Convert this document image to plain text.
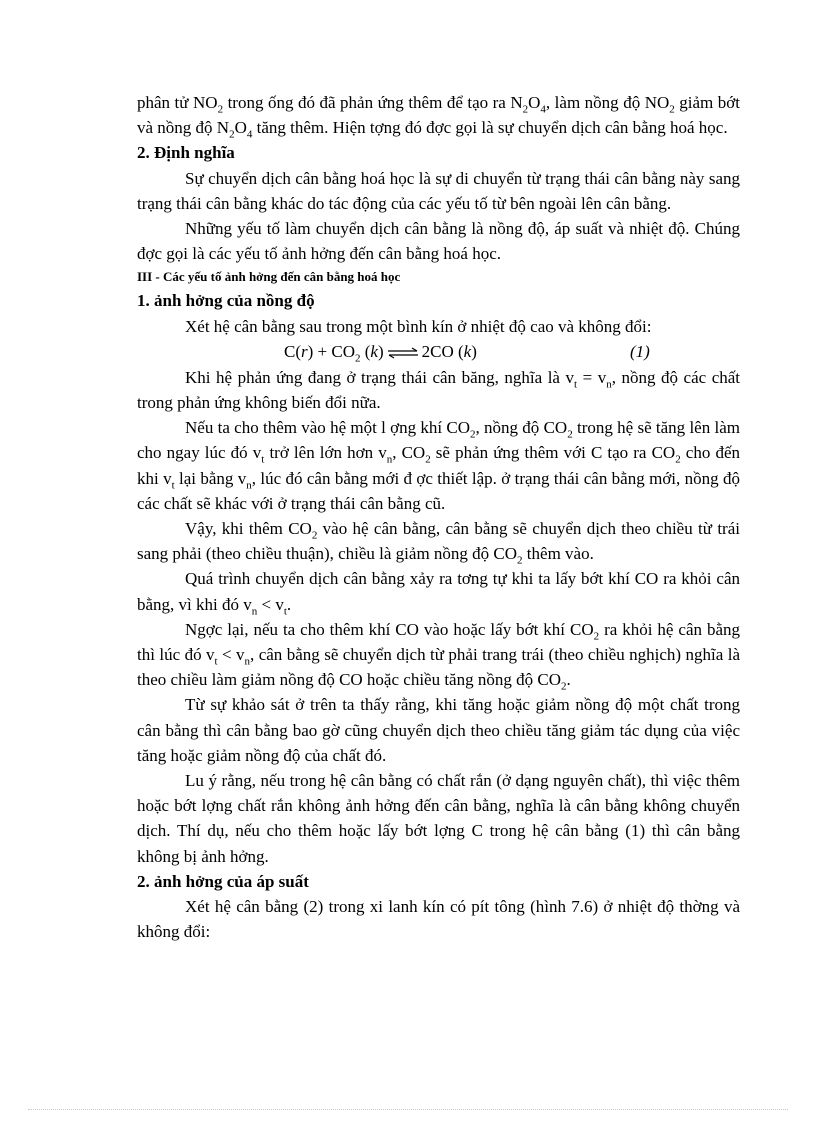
phân tử $NO_2$ trong ống đó đã phản ứng thêm để tạo ra $N_2O_4$, làm nồng độ $NO_2$ giảm bớt và nồng độ $N_2O_4$ tăng thêm. Hiện tợng đó đợc gọi là sự chuyển dịch cân bằng hoá học.

2. Định nghĩa

Sự chuyển dịch cân bằng hoá học là sự di chuyển từ trạng thái cân bằng này sang trạng thái cân bằng khác do tác động của các yếu tố từ bên ngoài lên cân bằng.

Những yếu tố làm chuyển dịch cân bằng là nồng độ, áp suất và nhiệt độ. Chúng đợc gọi là các yếu tố ảnh hởng đến cân bằng hoá học.

III - Các yếu tố ảnh hởng đến cân bằng hoá học

1. ảnh hởng của nồng độ

Xét hệ cân bằng sau trong một bình kín ở nhiệt độ cao và không đổi:

$C(r) + CO_2$ (k) ⇌ 2CO (k)	(1)

Khi hệ phản ứng đang ở trạng thái cân băng, nghĩa là $v_t = v_n$, nồng độ các chất trong phản ứng không biến đổi nữa.

Nếu ta cho thêm vào hệ một l ợng khí $CO_2$, nồng độ $CO_2$ trong hệ sẽ tăng lên làm cho ngay lúc đó $v_t$ trở lên lớn hơn $v_n$, $CO_2$ sẽ phản ứng thêm với C tạo ra $CO_2$ cho đến khi $v_t$ lại bằng $v_n$, lúc đó cân bằng mới đ ợc thiết lập. ở trạng thái cân bằng mới, nồng độ các chất sẽ khác với ở trạng thái cân bằng cũ.

Vậy, khi thêm $CO_2$ vào hệ cân bằng, cân bằng sẽ chuyển dịch theo chiều từ trái sang phải (theo chiều thuận), chiều là giảm nồng độ $CO_2$ thêm vào.

Quá trình chuyển dịch cân bằng xảy ra tơng tự khi ta lấy bớt khí CO ra khỏi cân bằng, vì khi đó $v_n < v_t$.

Ngợc lại, nếu ta cho thêm khí CO vào hoặc lấy bớt khí $CO_2$ ra khỏi hệ cân bằng thì lúc đó $v_t < v_n$, cân bằng sẽ chuyển dịch từ phải trang trái (theo chiều nghịch) nghĩa là theo chiều làm giảm nồng độ CO hoặc chiều tăng nồng độ $CO_2$.

Từ sự khảo sát ở trên ta thấy rằng, khi tăng hoặc giảm nồng độ một chất trong cân bằng thì cân bằng bao gờ cũng chuyển dịch theo chiều tăng giảm tác dụng của việc tăng hoặc giảm nồng độ của chất đó.

Lu ý rằng, nếu trong hệ cân bằng có chất rắn (ở dạng nguyên chất), thì việc thêm hoặc bớt lợng chất rắn không ảnh hởng đến cân bằng, nghĩa là cân bằng không chuyển dịch. Thí dụ, nếu cho thêm hoặc lấy bớt lợng C trong hệ cân bằng (1) thì cân bằng không bị ảnh hởng.

2. ảnh hởng của áp suất

Xét hệ cân bằng (2) trong xi lanh kín có pít tông (hình 7.6) ở nhiệt độ thờng và không đổi:
